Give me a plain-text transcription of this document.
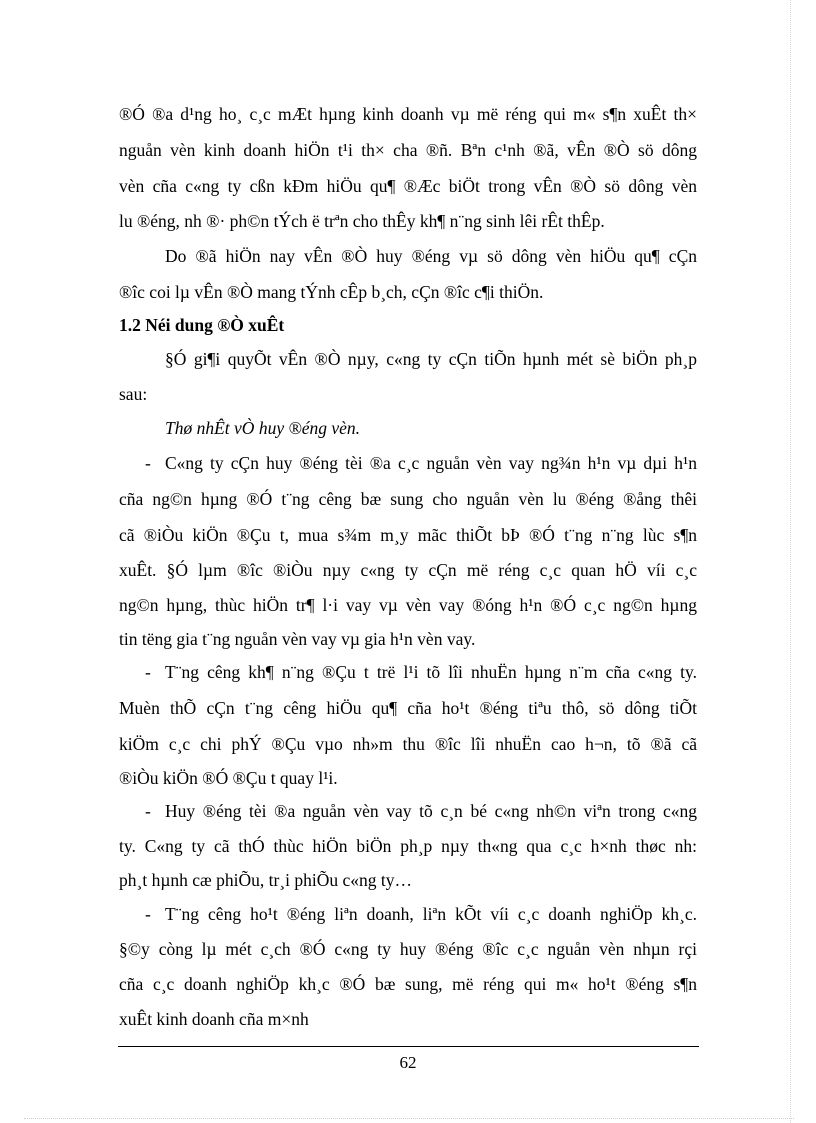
®Ó ®a d¹ng ho¸ c¸c mÆt hµng kinh doanh vµ më réng qui m« s¶n xuÊt th×
nguån vèn kinh doanh hiÖn t¹i th× cha ®ñ. Bªn c¹nh ®ã, vÊn ®Ò sö dông
vèn cña c«ng ty cßn kÐm hiÖu qu¶ ®Æc biÖt trong vÊn ®Ò sö dông vèn
lu ®éng, nh ®· ph©n tÝch ë trªn cho thÊy kh¶ n¨ng sinh lêi rÊt thÊp.
Do ®ã hiÖn nay vÊn ®Ò huy ®éng vµ sö dông vèn hiÖu qu¶ cÇn
®îc coi lµ vÊn ®Ò mang tÝnh cÊp b¸ch, cÇn ®îc c¶i thiÖn.
1.2 Néi dung ®Ò xuÊt
§Ó gi¶i quyÕt vÊn ®Ò nµy, c«ng ty cÇn tiÕn hµnh mét sè biÖn ph¸p
sau:
Thø nhÊt vÒ huy ®éng vèn.
- C«ng ty cÇn huy ®éng tèi ®a c¸c nguån vèn vay ng¾n h¹n vµ dµi h¹n
cña ng©n hµng ®Ó t¨ng cêng bæ sung cho nguån vèn lu ®éng ®ång thêi
cã ®iÒu kiÖn ®Çu t, mua s¾m m¸y mãc thiÕt bÞ ®Ó t¨ng n¨ng lùc s¶n
xuÊt. §Ó lµm ®îc ®iÒu nµy c«ng ty cÇn më réng c¸c quan hÖ víi c¸c
ng©n hµng, thùc hiÖn tr¶ l·i vay vµ vèn vay ®óng h¹n ®Ó c¸c ng©n hµng
tin tëng gia t¨ng nguån vèn vay vµ gia h¹n vèn vay.
- T¨ng cêng kh¶ n¨ng ®Çu t trë l¹i tõ lîi nhuËn hµng n¨m cña c«ng ty.
Muèn thÕ cÇn t¨ng cêng hiÖu qu¶ cña ho¹t ®éng tiªu thô, sö dông tiÕt
kiÖm c¸c chi phÝ ®Çu vµo nh»m thu ®îc lîi nhuËn cao h¬n, tõ ®ã cã
®iÒu kiÖn ®Ó ®Çu t quay l¹i.
- Huy ®éng tèi ®a nguån vèn vay tõ c¸n bé c«ng nh©n viªn trong c«ng
ty. C«ng ty cã thÓ thùc hiÖn biÖn ph¸p nµy th«ng qua c¸c h×nh thøc nh:
ph¸t hµnh cæ phiÕu, tr¸i phiÕu c«ng ty…
- T¨ng cêng ho¹t ®éng liªn doanh, liªn kÕt víi c¸c doanh nghiÖp kh¸c.
§©y còng lµ mét c¸ch ®Ó c«ng ty huy ®éng ®îc c¸c nguån vèn nhµn rçi
cña c¸c doanh nghiÖp kh¸c ®Ó bæ sung, më réng qui m« ho¹t ®éng s¶n
xuÊt kinh doanh cña m×nh
62
